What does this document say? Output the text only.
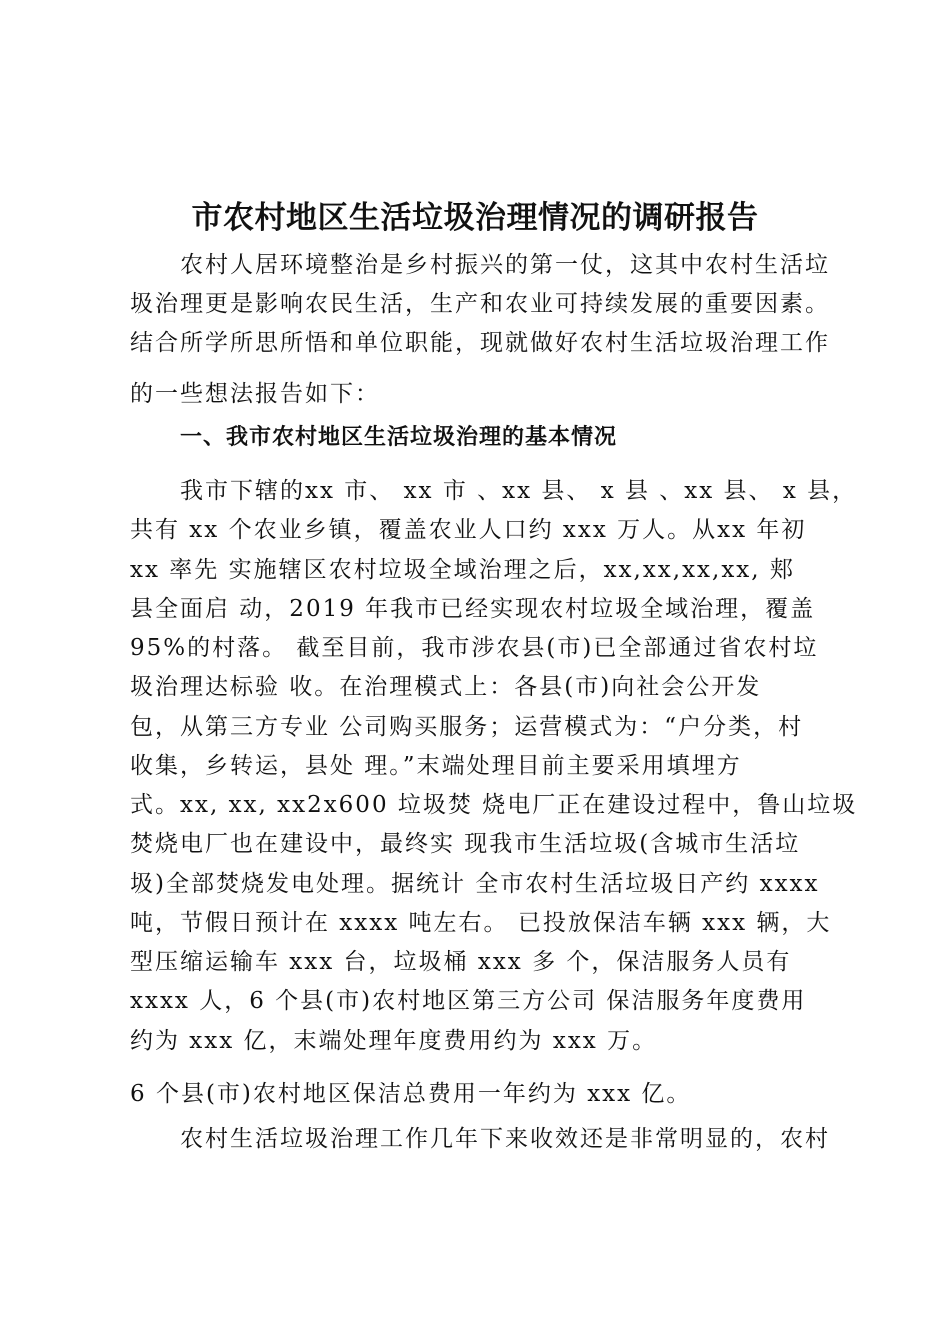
市农村地区生活垃圾治理情况的调研报告
农村人居环境整治是乡村振兴的第一仗，这其中农村生活垃
圾治理更是影响农民生活，生产和农业可持续发展的重要因素。
结合所学所思所悟和单位职能，现就做好农村生活垃圾治理工作
的一些想法报告如下：
一、我市农村地区生活垃圾治理的基本情况
我市下辖的xx 市、 xx 市 、xx 县、 x 县 、xx 县、 x 县，
共有 xx 个农业乡镇，覆盖农业人口约 xxx 万人。从xx 年初
xx 率先 实施辖区农村垃圾全域治理之后，xx,xx,xx,xx, 郏
县全面启 动，2019 年我市已经实现农村垃圾全域治理，覆盖
95%的村落。 截至目前，我市涉农县(市)已全部通过省农村垃
圾治理达标验 收。在治理模式上：各县(市)向社会公开发
包，从第三方专业 公司购买服务；运营模式为：“户分类，村
收集，乡转运，县处 理。”末端处理目前主要采用填埋方
式。xx, xx, xx2x600 垃圾焚 烧电厂正在建设过程中，鲁山垃圾
焚烧电厂也在建设中，最终实 现我市生活垃圾(含城市生活垃
圾)全部焚烧发电处理。据统计 全市农村生活垃圾日产约 xxxx
吨，节假日预计在 xxxx 吨左右。 已投放保洁车辆 xxx 辆，大
型压缩运输车 xxx 台，垃圾桶 xxx 多 个，保洁服务人员有
xxxx 人，6 个县(市)农村地区第三方公司 保洁服务年度费用
约为 xxx 亿，末端处理年度费用约为 xxx 万。
6 个县(市)农村地区保洁总费用一年约为 xxx 亿。
农村生活垃圾治理工作几年下来收效还是非常明显的，农村
